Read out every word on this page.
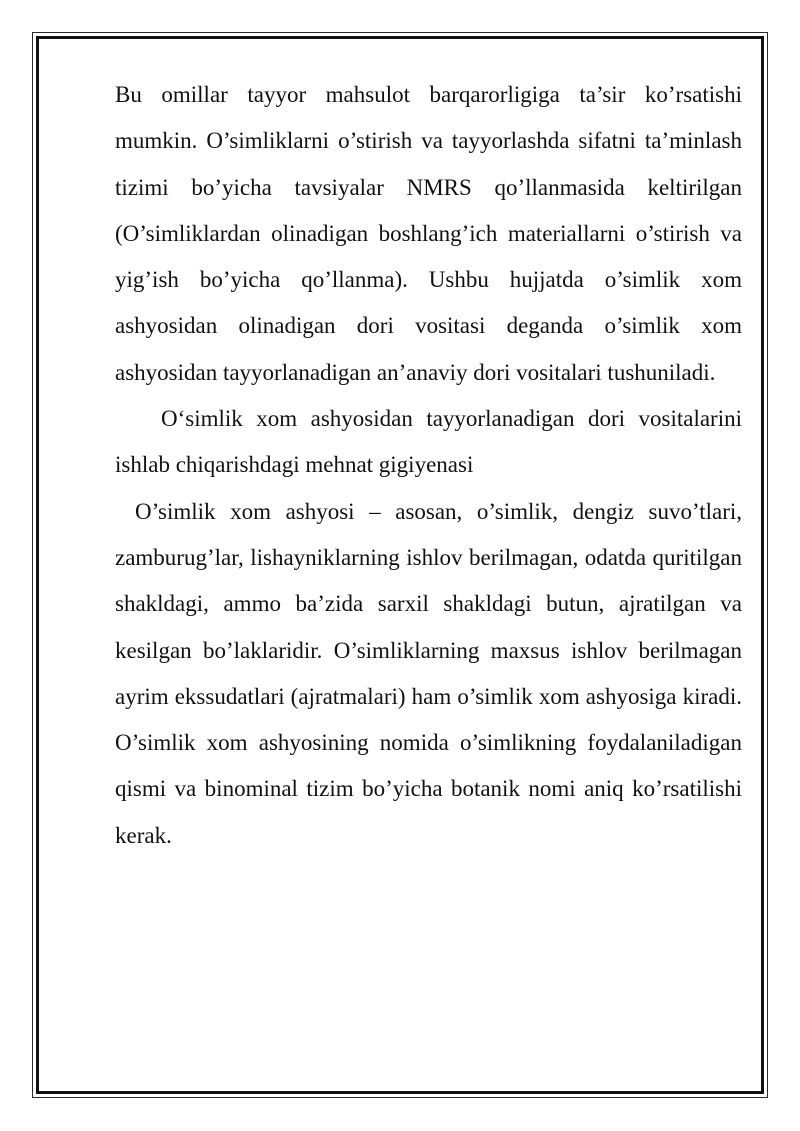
Bu omillar tayyor mahsulot barqarorligiga ta’sir ko’rsatishi mumkin. O’simliklarni o’stirish va tayyorlashda sifatni ta’minlash tizimi bo’yicha tavsiyalar NMRS qo’llanmasida keltirilgan (O’simliklardan olinadigan boshlang’ich materiallarni o’stirish va yig’ish bo’yicha qo’llanma). Ushbu hujjatda o’simlik xom ashyosidan olinadigan dori vositasi deganda o’simlik xom ashyosidan tayyorlanadigan an’anaviy dori vositalari tushuniladi.

O‘simlik xom ashyosidan tayyorlanadigan dori vositalarini ishlab chiqarishdagi mehnat gigiyenasi

O’simlik xom ashyosi – asosan, o’simlik, dengiz suvo’tlari, zamburug’lar, lishayniklarning ishlov berilmagan, odatda quritilgan shakldagi, ammo ba’zida sarxil shakldagi butun, ajratilgan va kesilgan bo’laklaridir. O’simliklarning maxsus ishlov berilmagan ayrim ekssudatlari (ajratmalari) ham o’simlik xom ashyosiga kiradi. O’simlik xom ashyosining nomida o’simlikning foydalaniladigan qismi va binominal tizim bo’yicha botanik nomi aniq ko’rsatilishi kerak.
